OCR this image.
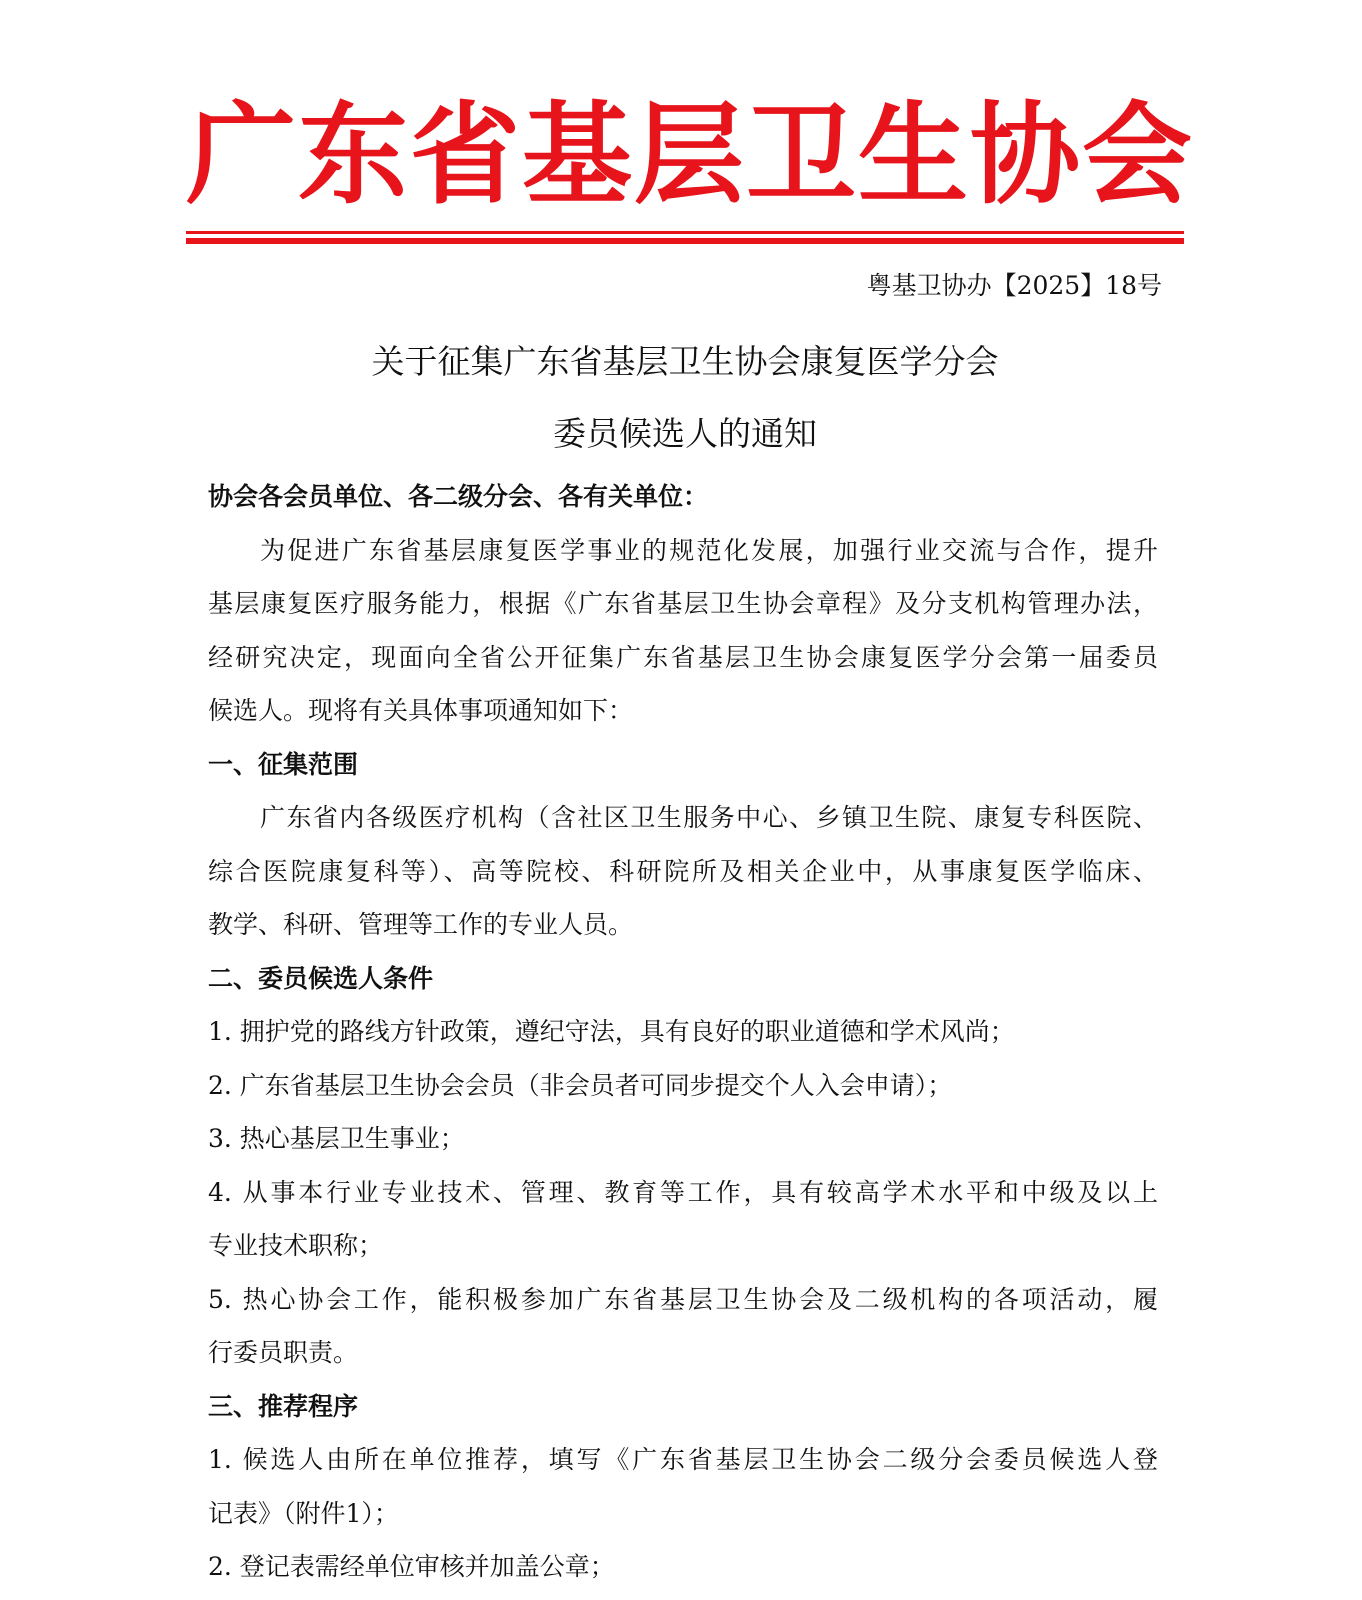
广东省基层卫生协会
粤基卫协办【2025】18号
关于征集广东省基层卫生协会康复医学分会
委员候选人的通知
协会各会员单位、各二级分会、各有关单位：
为促进广东省基层康复医学事业的规范化发展，加强行业交流与合作，提升
基层康复医疗服务能力，根据《广东省基层卫生协会章程》及分支机构管理办法，
经研究决定，现面向全省公开征集广东省基层卫生协会康复医学分会第一届委员
候选人。现将有关具体事项通知如下：
一、征集范围
广东省内各级医疗机构（含社区卫生服务中心、乡镇卫生院、康复专科医院、
综合医院康复科等）、高等院校、科研院所及相关企业中，从事康复医学临床、
教学、科研、管理等工作的专业人员。
二、委员候选人条件
1. 拥护党的路线方针政策，遵纪守法，具有良好的职业道德和学术风尚；
2. 广东省基层卫生协会会员（非会员者可同步提交个人入会申请）；
3. 热心基层卫生事业；
4. 从事本行业专业技术、管理、教育等工作，具有较高学术水平和中级及以上
专业技术职称；
5. 热心协会工作，能积极参加广东省基层卫生协会及二级机构的各项活动，履
行委员职责。
三、推荐程序
1. 候选人由所在单位推荐，填写《广东省基层卫生协会二级分会委员候选人登
记表》（附件1）；
2. 登记表需经单位审核并加盖公章；
